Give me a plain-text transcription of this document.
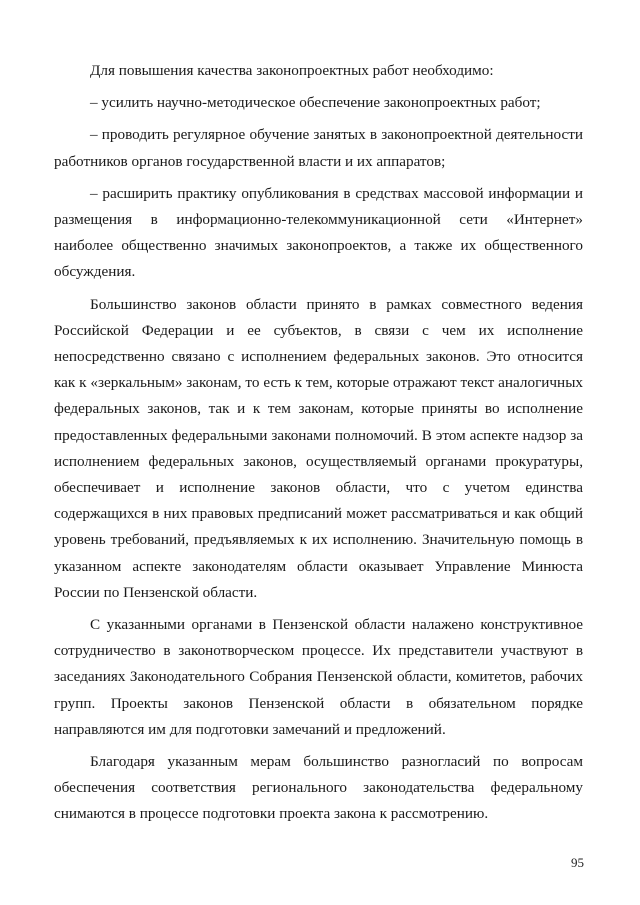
Для повышения качества законопроектных работ необходимо:

– усилить научно-методическое обеспечение законопроектных работ;

– проводить регулярное обучение занятых в законопроектной деятельности работников органов государственной власти и их аппаратов;

– расширить практику опубликования в средствах массовой информации и размещения в информационно-телекоммуникационной сети «Интернет» наиболее общественно значимых законопроектов, а также их общественного обсуждения.

Большинство законов области принято в рамках совместного ведения Российской Федерации и ее субъектов, в связи с чем их исполнение непосредственно связано с исполнением федеральных законов. Это относится как к «зеркальным» законам, то есть к тем, которые отражают текст аналогичных федеральных законов, так и к тем законам, которые приняты во исполнение предоставленных федеральными законами полномочий. В этом аспекте надзор за исполнением федеральных законов, осуществляемый органами прокуратуры, обеспечивает и исполнение законов области, что с учетом единства содержащихся в них правовых предписаний может рассматриваться и как общий уровень требований, предъявляемых к их исполнению. Значительную помощь в указанном аспекте законодателям области оказывает Управление Минюста России по Пензенской области.

С указанными органами в Пензенской области налажено конструктивное сотрудничество в законотворческом процессе. Их представители участвуют в заседаниях Законодательного Собрания Пензенской области, комитетов, рабочих групп. Проекты законов Пензенской области в обязательном порядке направляются им для подготовки замечаний и предложений.

Благодаря указанным мерам большинство разногласий по вопросам обеспечения соответствия регионального законодательства федеральному снимаются в процессе подготовки проекта закона к рассмотрению.

95
